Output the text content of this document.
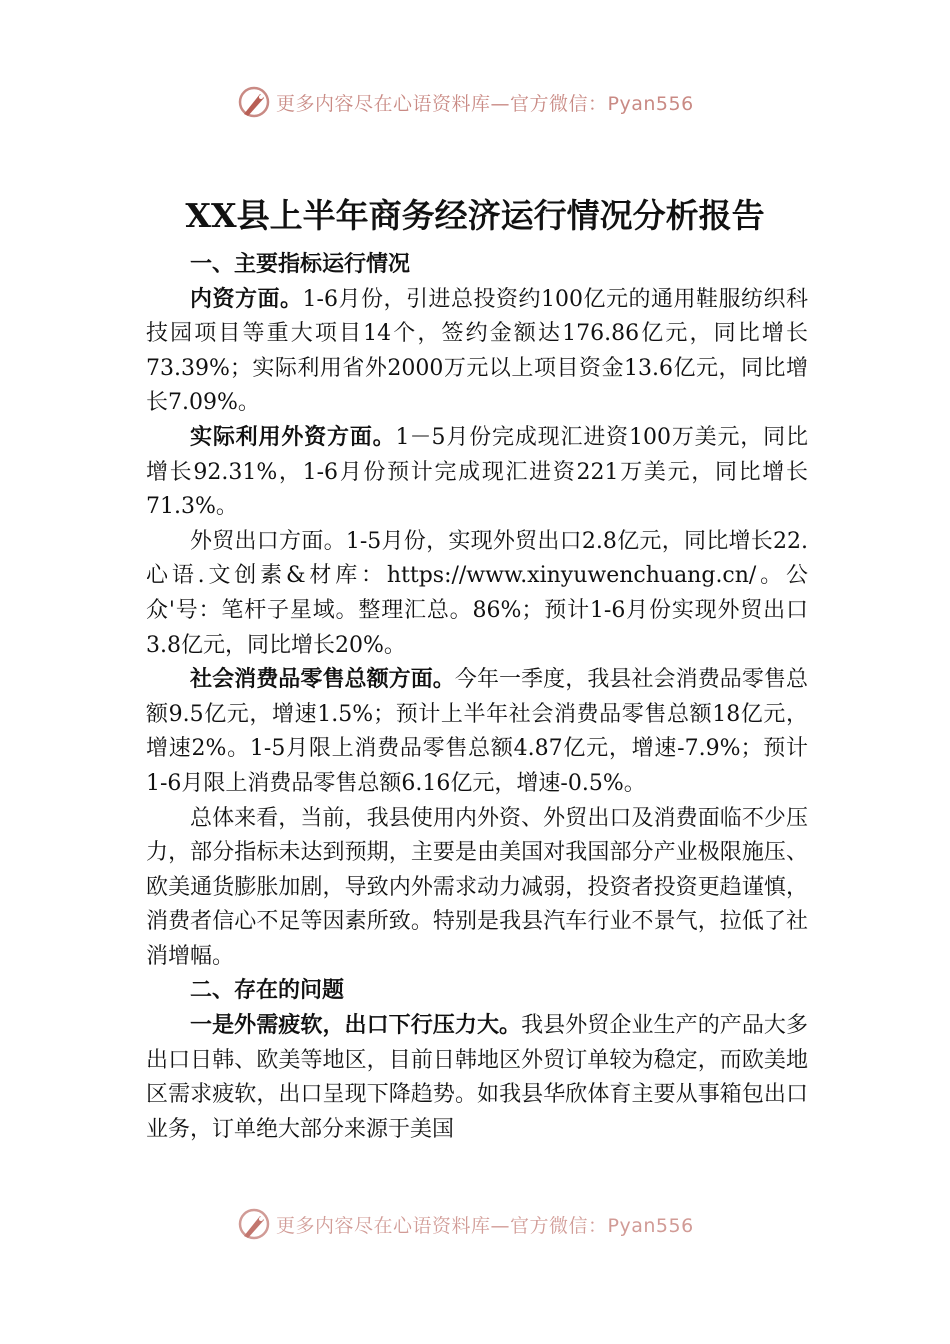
更多内容尽在心语资料库—官方微信：Pyan556
XX县上半年商务经济运行情况分析报告
一、主要指标运行情况

内资方面。1-6月份，引进总投资约100亿元的通用鞋服纺织科技园项目等重大项目14个，签约金额达176.86亿元，同比增长73.39%；实际利用省外2000万元以上项目资金13.6亿元，同比增长7.09%。

实际利用外资方面。1－5月份完成现汇进资100万美元，同比增长92.31%，1-6月份预计完成现汇进资221万美元，同比增长71.3%。

外贸出口方面。1-5月份，实现外贸出口2.8亿元，同比增长22.心语.文创素&材库：https://www.xinyuwenchuang.cn/。公众'号：笔杆子星域。整理汇总。86%；预计1-6月份实现外贸出口3.8亿元，同比增长20%。

社会消费品零售总额方面。今年一季度，我县社会消费品零售总额9.5亿元，增速1.5%；预计上半年社会消费品零售总额18亿元，增速2%。1-5月限上消费品零售总额4.87亿元，增速-7.9%；预计1-6月限上消费品零售总额6.16亿元，增速-0.5%。

总体来看，当前，我县使用内外资、外贸出口及消费面临不少压力，部分指标未达到预期，主要是由美国对我国部分产业极限施压、欧美通货膨胀加剧，导致内外需求动力减弱，投资者投资更趋谨慎，消费者信心不足等因素所致。特别是我县汽车行业不景气，拉低了社消增幅。

二、存在的问题

一是外需疲软，出口下行压力大。我县外贸企业生产的产品大多出口日韩、欧美等地区，目前日韩地区外贸订单较为稳定，而欧美地区需求疲软，出口呈现下降趋势。如我县华欣体育主要从事箱包出口业务，订单绝大部分来源于美国

更多内容尽在心语资料库—官方微信：Pyan556
